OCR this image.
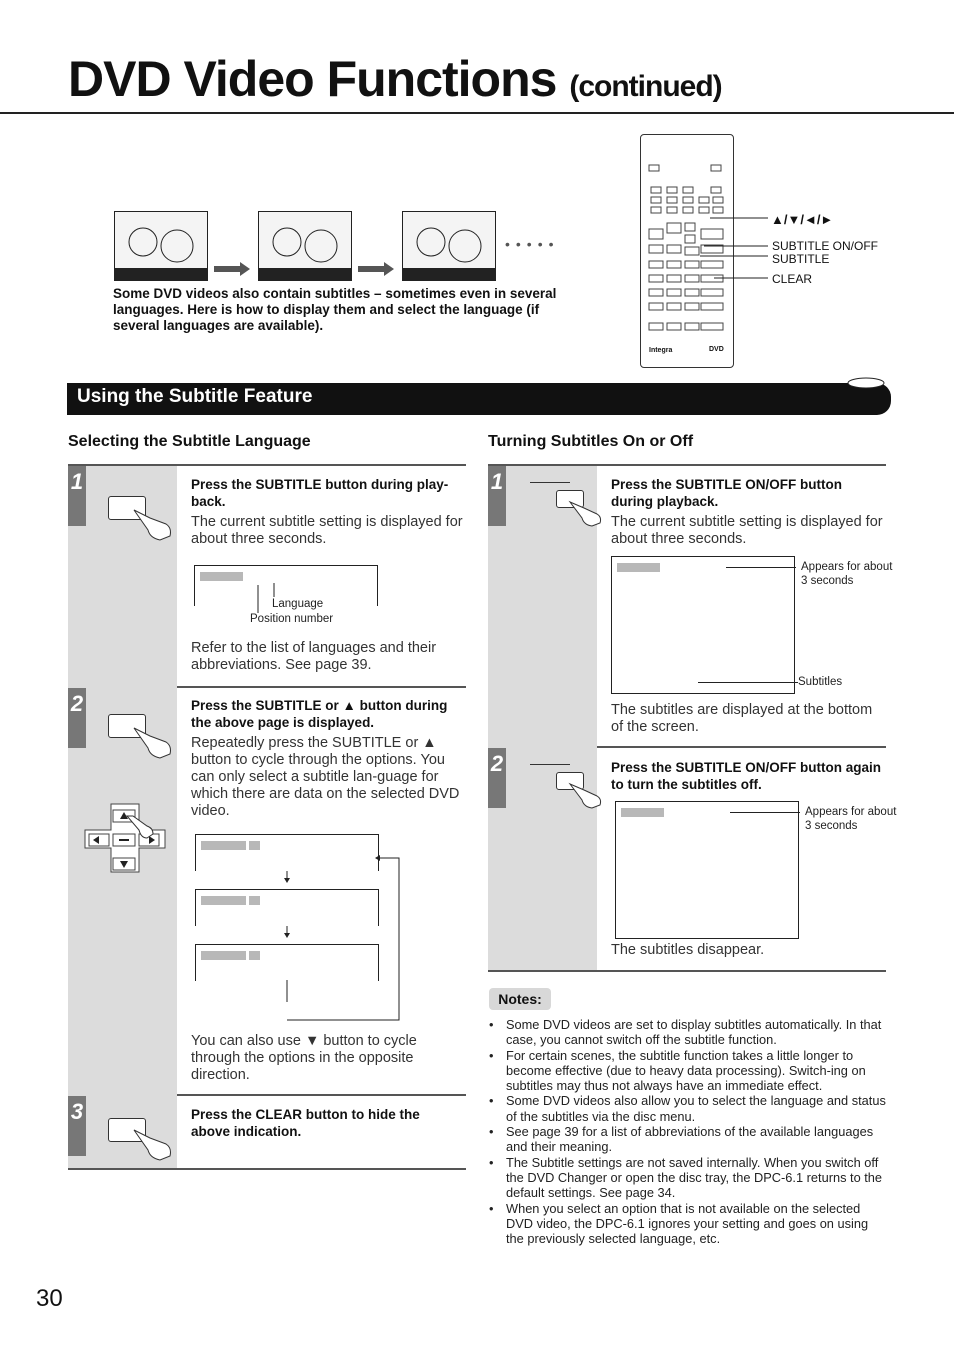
DVD Video Functions (continued)
•••••
Some DVD videos also contain subtitles – sometimes even in several languages. Here is how to display them and select the language (if several languages are available).
Integra	DVD
▲/▼/◄/►
SUBTITLE ON/OFF
SUBTITLE
CLEAR
Using the Subtitle Feature
Selecting the Subtitle Language	Turning Subtitles On or Off
1	Press the SUBTITLE button during play-back.
The current subtitle setting is displayed for about three seconds.
Language
Position number
Refer to the list of languages and their abbreviations. See page 39.
2	Press the SUBTITLE or ▲ button during the above page is displayed.
Repeatedly press the SUBTITLE or ▲ button to cycle through the options. You can only select a subtitle lan-guage for which there are data on the selected DVD video.
You can also use ▼ button to cycle through the options in the opposite direction.
3	Press the CLEAR button to hide the above indication.
1	Press the SUBTITLE ON/OFF button during playback.
The current subtitle setting is displayed for about three seconds.
Appears for about 3 seconds
Subtitles
The subtitles are displayed at the bottom of the screen.
2	Press the SUBTITLE ON/OFF button again to turn the subtitles off.
Appears for about 3 seconds
The subtitles disappear.
Notes:
• Some DVD videos are set to display subtitles automatically. In that case, you cannot switch off the subtitle function.
• For certain scenes, the subtitle function takes a little longer to become effective (due to heavy data processing). Switch-ing on subtitles may thus not always have an immediate effect.
• Some DVD videos also allow you to select the language and status of the subtitles via the disc menu.
• See page 39 for a list of abbreviations of the available languages and their meaning.
• The Subtitle settings are not saved internally. When you switch off the DVD Changer or open the disc tray, the DPC-6.1 returns to the default settings. See page 34.
• When you select an option that is not available on the selected DVD video, the DPC-6.1 ignores your setting and goes on using the previously selected language, etc.
30
